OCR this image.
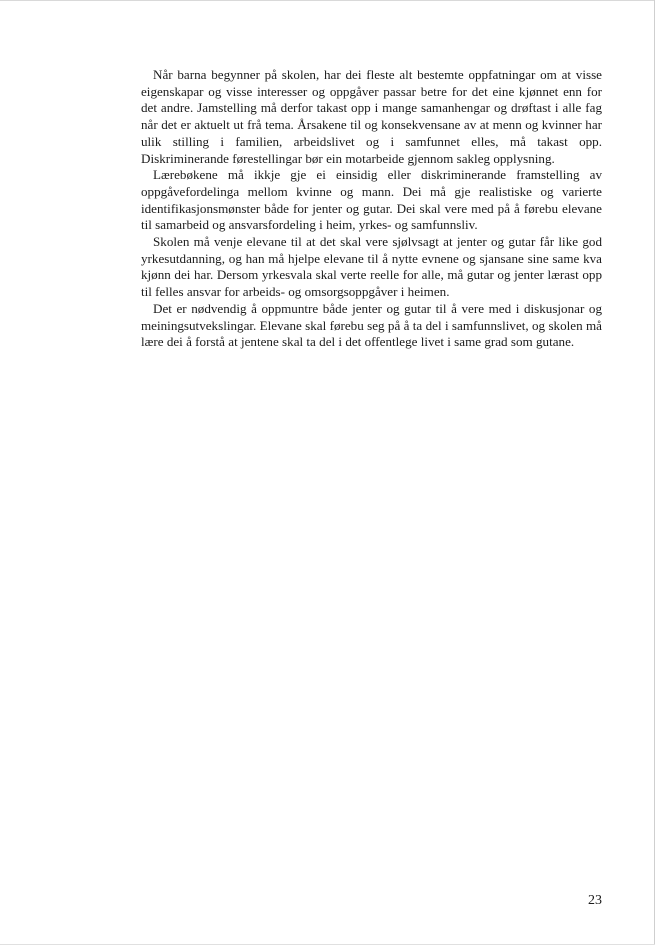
Når barna begynner på skolen, har dei fleste alt bestemte oppfatningar om at visse eigenskapar og visse interesser og oppgåver passar betre for det eine kjønnet enn for det andre. Jamstelling må derfor takast opp i mange samanhengar og drøftast i alle fag når det er aktuelt ut frå tema. Årsakene til og konsekvensane av at menn og kvinner har ulik stilling i familien, arbeidslivet og i samfunnet elles, må takast opp. Diskriminerande førestellingar bør ein motarbeide gjennom sakleg opplysning.

Lærebøkene må ikkje gje ei einsidig eller diskriminerande framstelling av oppgåvefordelinga mellom kvinne og mann. Dei må gje realistiske og varierte identifikasjonsmønster både for jenter og gutar. Dei skal vere med på å førebu elevane til samarbeid og ansvarsfordeling i heim, yrkes- og samfunnsliv.

Skolen må venje elevane til at det skal vere sjølvsagt at jenter og gutar får like god yrkesutdanning, og han må hjelpe elevane til å nytte evnene og sjansane sine same kva kjønn dei har. Dersom yrkesvala skal verte reelle for alle, må gutar og jenter lærast opp til felles ansvar for arbeids- og omsorgsoppgåver i heimen.

Det er nødvendig å oppmuntre både jenter og gutar til å vere med i diskusjonar og meiningsutvekslingar. Elevane skal førebu seg på å ta del i samfunnslivet, og skolen må lære dei å forstå at jentene skal ta del i det offentlege livet i same grad som gutane.

23
